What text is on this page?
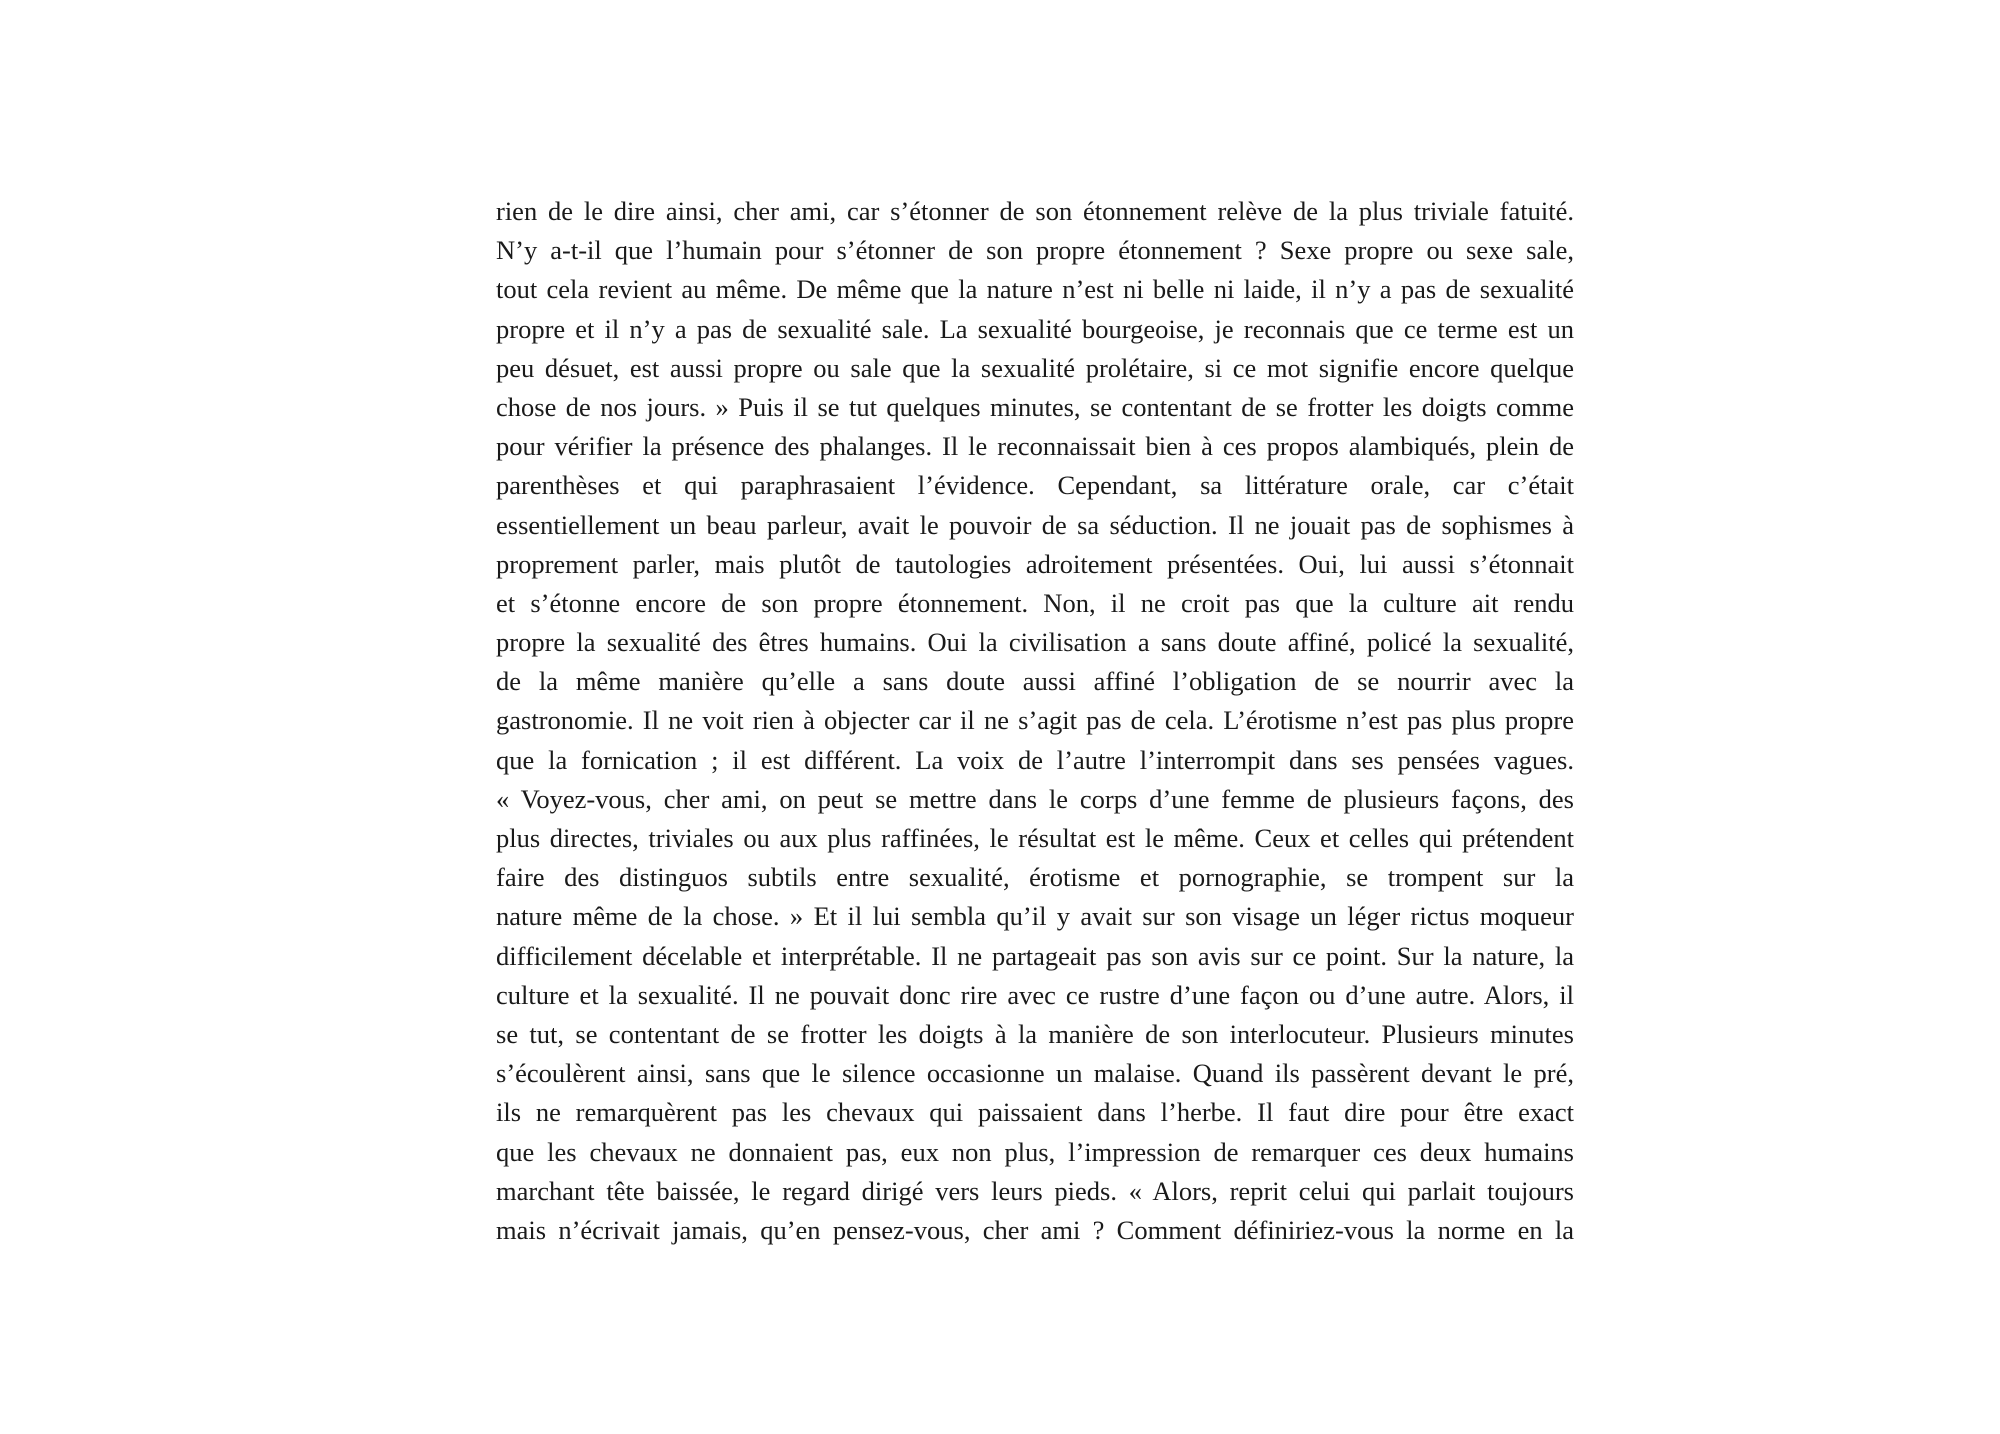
rien de le dire ainsi, cher ami, car s’étonner de son étonnement relève de la plus triviale fatuité.
N’y a-t-il que l’humain pour s’étonner de son propre étonnement ? Sexe propre ou sexe sale,
tout cela revient au même. De même que la nature n’est ni belle ni laide, il n’y a pas de sexualité
propre et il n’y a pas de sexualité sale. La sexualité bourgeoise, je reconnais que ce terme est un
peu désuet, est aussi propre ou sale que la sexualité prolétaire, si ce mot signifie encore quelque
chose de nos jours. » Puis il se tut quelques minutes, se contentant de se frotter les doigts comme
pour vérifier la présence des phalanges. Il le reconnaissait bien à ces propos alambiqués, plein de
parenthèses et qui paraphrasaient l’évidence. Cependant, sa littérature orale, car c’était
essentiellement un beau parleur, avait le pouvoir de sa séduction. Il ne jouait pas de sophismes à
proprement parler, mais plutôt de tautologies adroitement présentées. Oui, lui aussi s’étonnait
et s’étonne encore de son propre étonnement. Non, il ne croit pas que la culture ait rendu
propre la sexualité des êtres humains. Oui la civilisation a sans doute affiné, policé la sexualité,
de la même manière qu’elle a sans doute aussi affiné l’obligation de se nourrir avec la
gastronomie. Il ne voit rien à objecter car il ne s’agit pas de cela. L’érotisme n’est pas plus propre
que la fornication ; il est différent. La voix de l’autre l’interrompit dans ses pensées vagues.
« Voyez-vous, cher ami, on peut se mettre dans le corps d’une femme de plusieurs façons, des
plus directes, triviales ou aux plus raffinées, le résultat est le même. Ceux et celles qui prétendent
faire des distinguos subtils entre sexualité, érotisme et pornographie, se trompent sur la
nature même de la chose. » Et il lui sembla qu’il y avait sur son visage un léger rictus moqueur
difficilement décelable et interprétable. Il ne partageait pas son avis sur ce point. Sur la nature, la
culture et la sexualité. Il ne pouvait donc rire avec ce rustre d’une façon ou d’une autre. Alors, il
se tut, se contentant de se frotter les doigts à la manière de son interlocuteur. Plusieurs minutes
s’écoulèrent ainsi, sans que le silence occasionne un malaise. Quand ils passèrent devant le pré,
ils ne remarquèrent pas les chevaux qui paissaient dans l’herbe. Il faut dire pour être exact
que les chevaux ne donnaient pas, eux non plus, l’impression de remarquer ces deux humains
marchant tête baissée, le regard dirigé vers leurs pieds. « Alors, reprit celui qui parlait toujours
mais n’écrivait jamais, qu’en pensez-vous, cher ami ? Comment définiriez-vous la norme en la
